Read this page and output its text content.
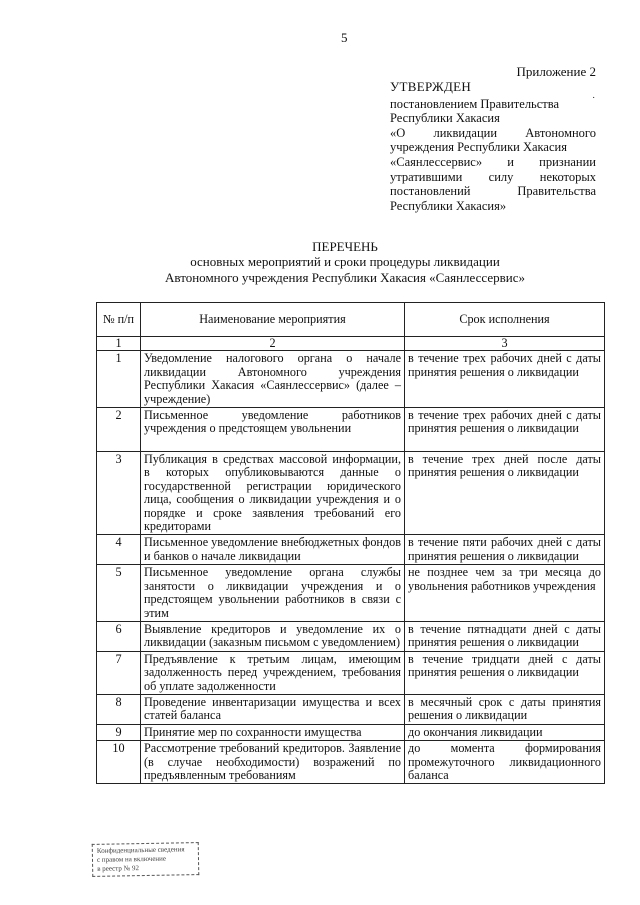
5
Приложение 2
˙
УТВЕРЖДЕН
постановлением Правительства
Республики Хакасия
«О ликвидации Автономного
учреждения Республики Хакасия
«Саянлессервис» и признании
утратившими силу некоторых
постановлений Правительства
Республики Хакасия»
ПЕРЕЧЕНЬ
основных мероприятий и сроки процедуры ликвидации
Автономного учреждения Республики Хакасия «Саянлессервис»
№ п/п	Наименование мероприятия	Срок исполнения
1	2	3
1	Уведомление налогового органа о начале ликвидации Автономного учреждения Республики Хакасия «Саянлессервис» (далее – учреждение)	в течение трех рабочих дней с даты принятия решения о ликвидации
2	Письменное уведомление работников учреждения о предстоящем увольнении	в течение трех рабочих дней с даты принятия решения о ликвидации
3	Публикация в средствах массовой информации, в которых опубликовываются данные о государственной регистрации юридического лица, сообщения о ликвидации учреждения и о порядке и сроке заявления требований его кредиторами	в течение трех дней после даты принятия решения о ликвидации
4	Письменное уведомление внебюджетных фондов и банков о начале ликвидации	в течение пяти рабочих дней с даты принятия решения о ликвидации
5	Письменное уведомление органа службы занятости о ликвидации учреждения и о предстоящем увольнении работников в связи с этим	не позднее чем за три месяца до увольнения работников учреждения
6	Выявление кредиторов и уведомление их о ликвидации (заказным письмом с уведомлением)	в течение пятнадцати дней с даты принятия решения о ликвидации
7	Предъявление к третьим лицам, имеющим задолженность перед учреждением, требования об уплате задолженности	в течение тридцати дней с даты принятия решения о ликвидации
8	Проведение инвентаризации имущества и всех статей баланса	в месячный срок с даты принятия решения о ликвидации
9	Принятие мер по сохранности имущества	до окончания ликвидации
10	Рассмотрение требований кредиторов. Заявление (в случае необходимости) возражений по предъявленным требованиям	до момента формирования промежуточного ликвидационного баланса
Конфиденциальные сведения
с правом на включение
в реестр № 92
